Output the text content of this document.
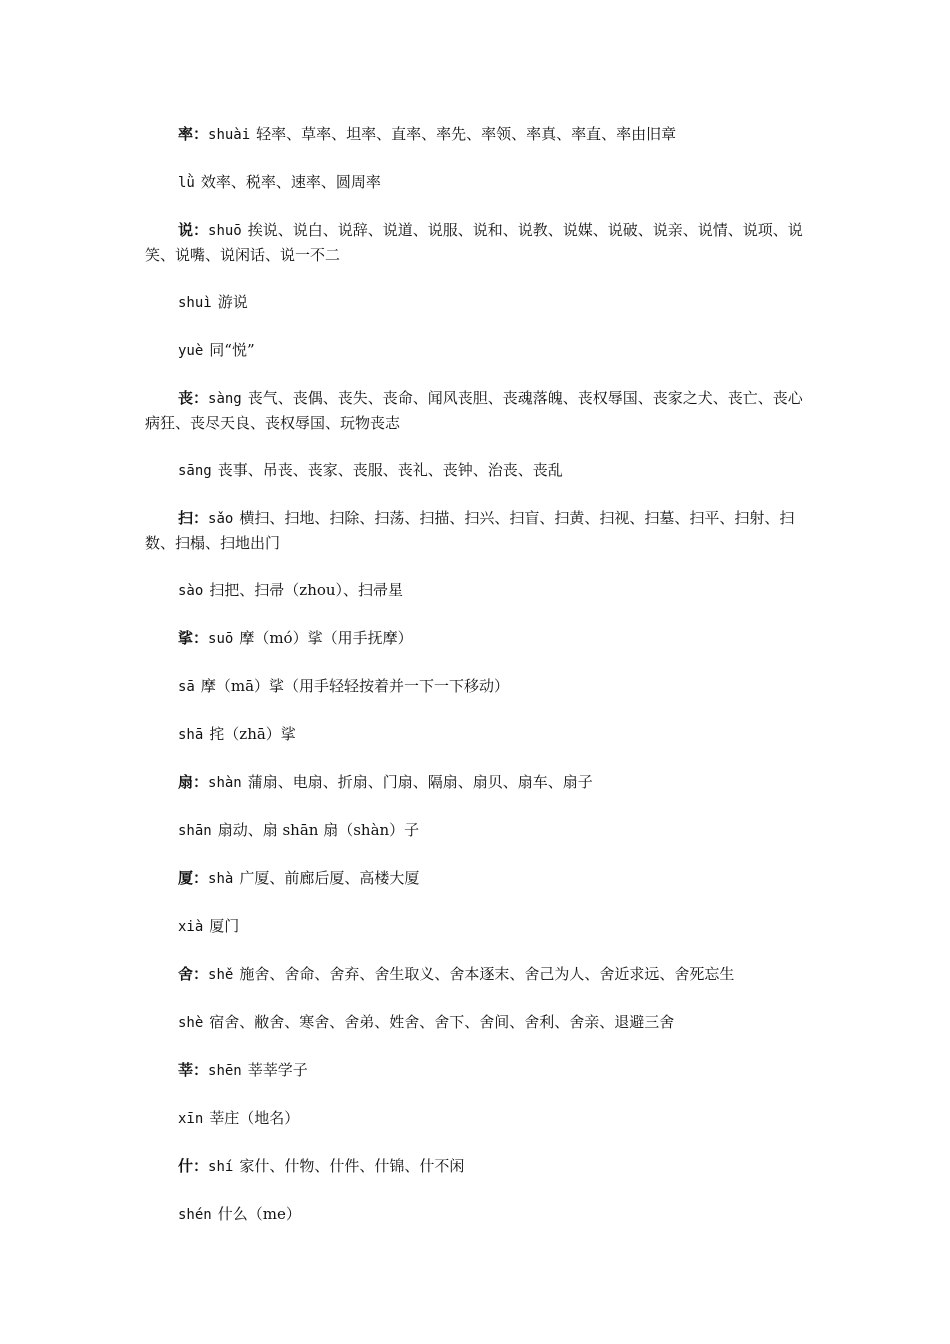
率：shuài 轻率、草率、坦率、直率、率先、率领、率真、率直、率由旧章

lǜ 效率、税率、速率、圆周率

说：shuō 挨说、说白、说辞、说道、说服、说和、说教、说媒、说破、说亲、说情、说项、说笑、说嘴、说闲话、说一不二

shuì 游说

yuè 同“悦”

丧：sàng 丧气、丧偶、丧失、丧命、闻风丧胆、丧魂落魄、丧权辱国、丧家之犬、丧亡、丧心病狂、丧尽天良、丧权辱国、玩物丧志

sāng 丧事、吊丧、丧家、丧服、丧礼、丧钟、治丧、丧乱

扫：sǎo 横扫、扫地、扫除、扫荡、扫描、扫兴、扫盲、扫黄、扫视、扫墓、扫平、扫射、扫数、扫榻、扫地出门

sào 扫把、扫帚（zhou）、扫帚星

挲：suō 摩（mó）挲（用手抚摩）

sā 摩（mā）挲（用手轻轻按着并一下一下移动）

shā 挓（zhā）挲

扇：shàn 蒲扇、电扇、折扇、门扇、隔扇、扇贝、扇车、扇子

shān 扇动、扇 shān 扇（shàn）子

厦：shà 广厦、前廊后厦、高楼大厦

xià 厦门

舍：shě 施舍、舍命、舍弃、舍生取义、舍本逐末、舍己为人、舍近求远、舍死忘生

shè 宿舍、敝舍、寒舍、舍弟、姓舍、舍下、舍间、舍利、舍亲、退避三舍

莘：shēn 莘莘学子

xīn 莘庄（地名）

什：shí 家什、什物、什件、什锦、什不闲

shén 什么（me）
